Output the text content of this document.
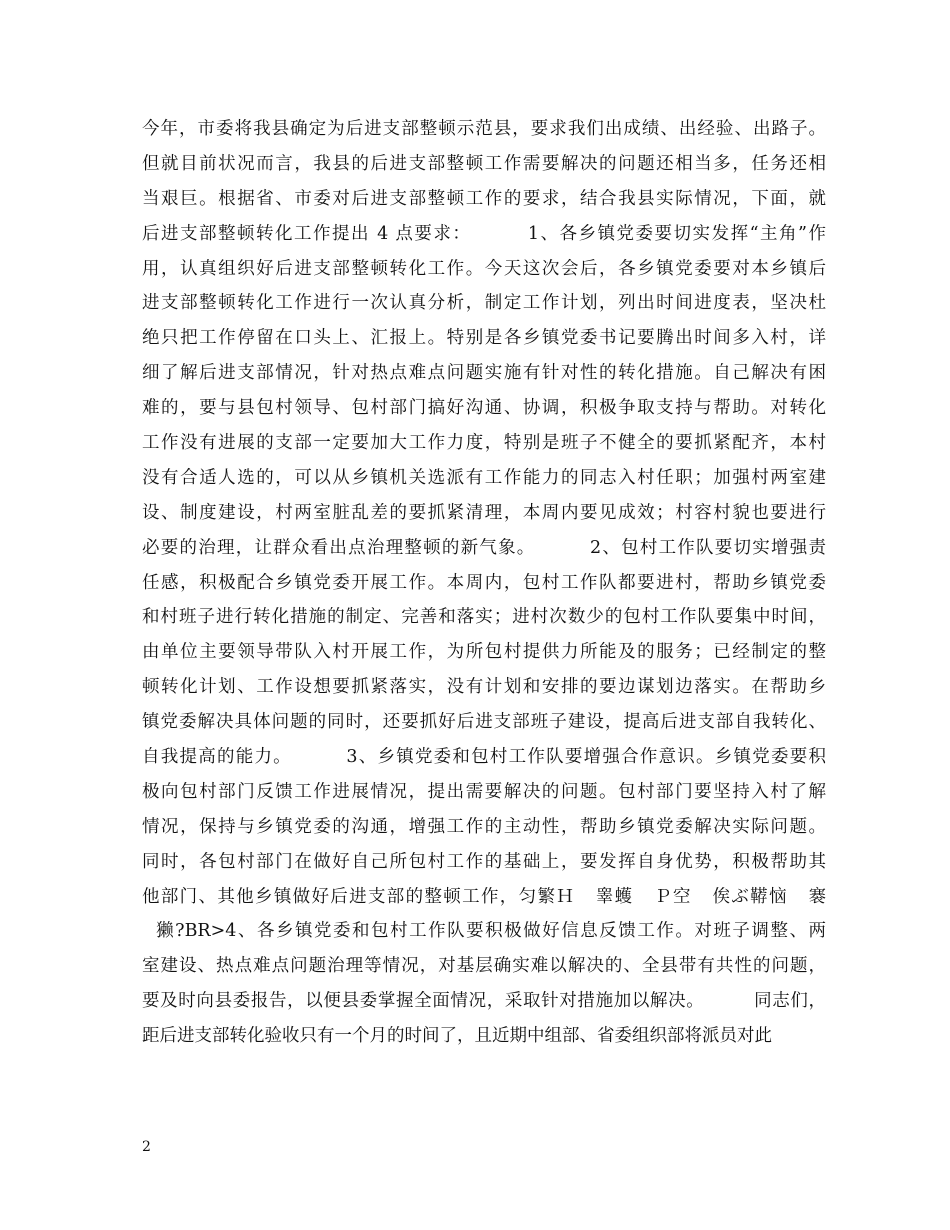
今年，市委将我县确定为后进支部整顿示范县，要求我们出成绩、出经验、出路子。
但就目前状况而言，我县的后进支部整顿工作需要解决的问题还相当多，任务还相
当艰巨。根据省、市委对后进支部整顿工作的要求，结合我县实际情况，下面，就
后进支部整顿转化工作提出 4 点要求：        1、各乡镇党委要切实发挥“主角”作
用，认真组织好后进支部整顿转化工作。今天这次会后，各乡镇党委要对本乡镇后
进支部整顿转化工作进行一次认真分析，制定工作计划，列出时间进度表，坚决杜
绝只把工作停留在口头上、汇报上。特别是各乡镇党委书记要腾出时间多入村，详
细了解后进支部情况，针对热点难点问题实施有针对性的转化措施。自己解决有困
难的，要与县包村领导、包村部门搞好沟通、协调，积极争取支持与帮助。对转化
工作没有进展的支部一定要加大工作力度，特别是班子不健全的要抓紧配齐，本村
没有合适人选的，可以从乡镇机关选派有工作能力的同志入村任职；加强村两室建
设、制度建设，村两室脏乱差的要抓紧清理，本周内要见成效；村容村貌也要进行
必要的治理，让群众看出点治理整顿的新气象。        2、包村工作队要切实增强责
任感，积极配合乡镇党委开展工作。本周内，包村工作队都要进村，帮助乡镇党委
和村班子进行转化措施的制定、完善和落实；进村次数少的包村工作队要集中时间，
由单位主要领导带队入村开展工作，为所包村提供力所能及的服务；已经制定的整
顿转化计划、工作设想要抓紧落实，没有计划和安排的要边谋划边落实。在帮助乡
镇党委解决具体问题的同时，还要抓好后进支部班子建设，提高后进支部自我转化、
自我提高的能力。        3、乡镇党委和包村工作队要增强合作意识。乡镇党委要积
极向包村部门反馈工作进展情况，提出需要解决的问题。包村部门要坚持入村了解
情况，保持与乡镇党委的沟通，增强工作的主动性，帮助乡镇党委解决实际问题。
同时，各包村部门在做好自己所包村工作的基础上，要发挥自身优势，积极帮助其
他部门、其他乡镇做好后进支部的整顿工作，匀繁Ｈ   睾蠖   Ｐ空   俟ぶ鞯恼   褰
獭?BR>4、各乡镇党委和包村工作队要积极做好信息反馈工作。对班子调整、两
室建设、热点难点问题治理等情况，对基层确实难以解决的、全县带有共性的问题，
要及时向县委报告，以便县委掌握全面情况，采取针对措施加以解决。        同志们，
距后进支部转化验收只有一个月的时间了，且近期中组部、省委组织部将派员对此
2
